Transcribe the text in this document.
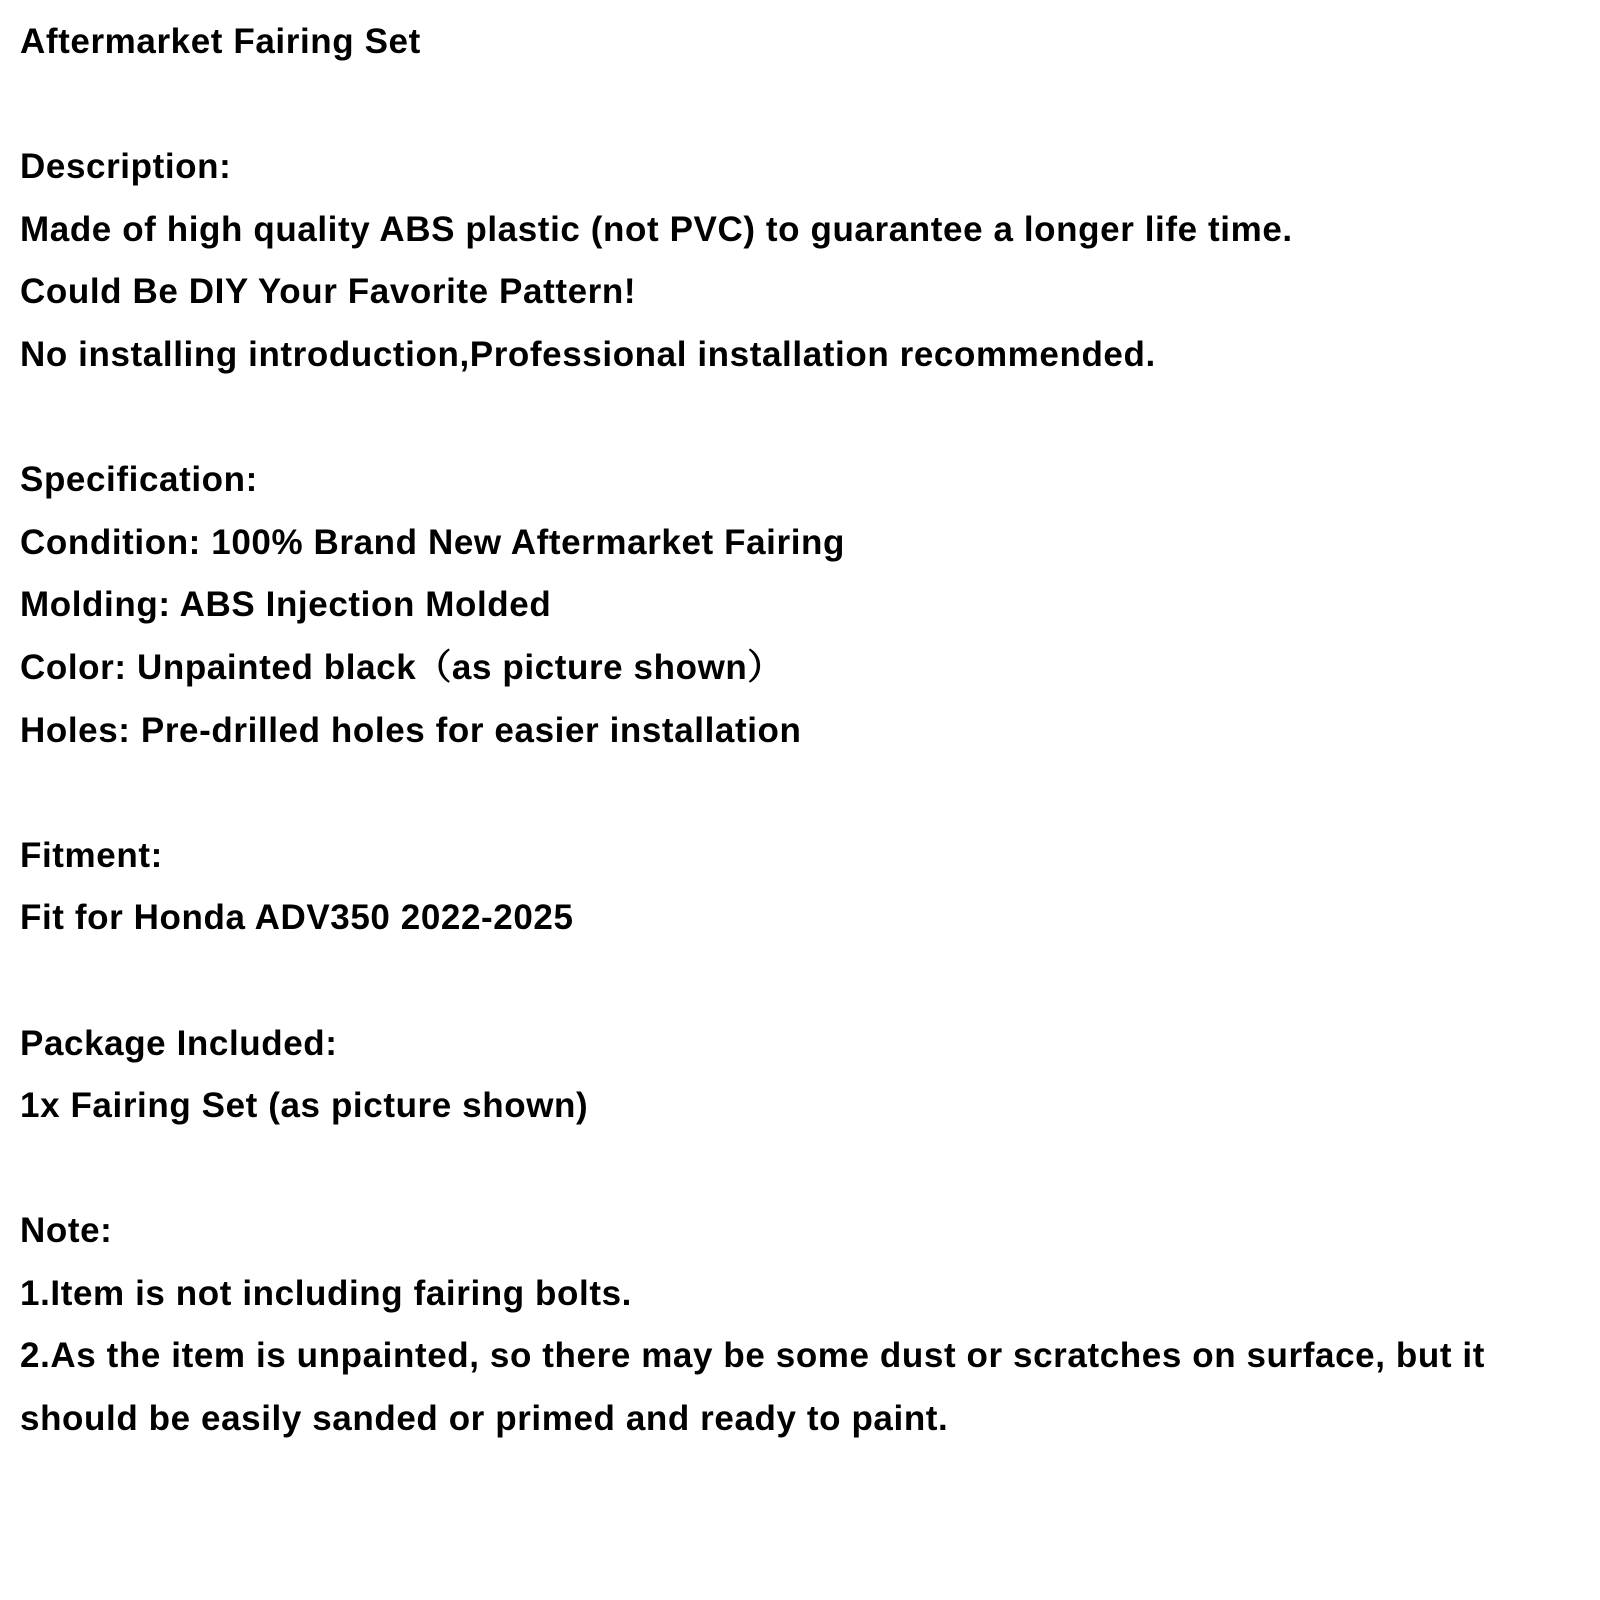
Aftermarket Fairing Set
Description:
Made of high quality ABS plastic (not PVC) to guarantee a longer life time.
Could Be DIY Your Favorite Pattern!
No installing introduction,Professional installation recommended.
Specification:
Condition: 100% Brand New Aftermarket Fairing
Molding: ABS Injection Molded
Color: Unpainted black（as picture shown）
Holes: Pre-drilled holes for easier installation
Fitment:
Fit for Honda ADV350 2022-2025
Package Included:
1x Fairing Set (as picture shown)
Note:
1.Item is not including fairing bolts.
2.As the item is unpainted, so there may be some dust or scratches on surface, but it
should be easily sanded or primed and ready to paint.
